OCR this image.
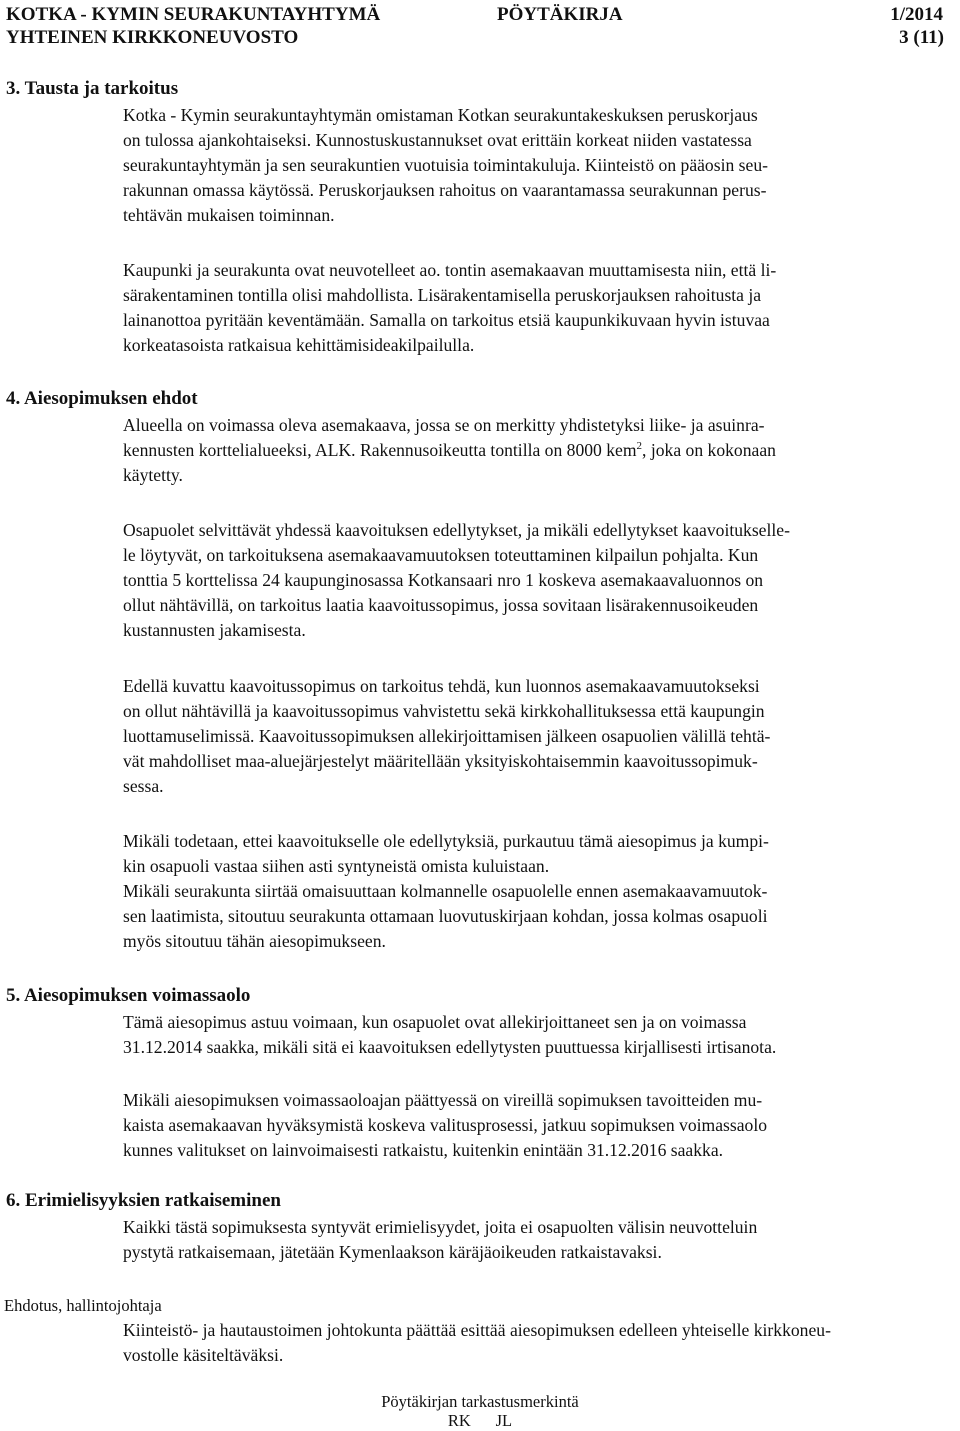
KOTKA - KYMIN SEURAKUNTAYHTYMÄ
YHTEINEN KIRKKONEUVOSTO
PÖYTÄKIRJA	1/2014
3 (11)
3. Tausta ja tarkoitus
Kotka - Kymin seurakuntayhtymän omistaman Kotkan seurakuntakeskuksen peruskorjaus
on tulossa ajankohtaiseksi. Kunnostuskustannukset ovat erittäin korkeat niiden vastatessa
seurakuntayhtymän ja sen seurakuntien vuotuisia toimintakuluja. Kiinteistö on pääosin seu-
rakunnan omassa käytössä. Peruskorjauksen rahoitus on vaarantamassa seurakunnan perus-
tehtävän mukaisen toiminnan.
Kaupunki ja seurakunta ovat neuvotelleet ao. tontin asemakaavan muuttamisesta niin, että li-
särakentaminen tontilla olisi mahdollista. Lisärakentamisella peruskorjauksen rahoitusta ja
lainanottoa pyritään keventämään. Samalla on tarkoitus etsiä kaupunkikuvaan hyvin istuvaa
korkeatasoista ratkaisua kehittämisideakilpailulla.
4. Aiesopimuksen ehdot
Alueella on voimassa oleva asemakaava, jossa se on merkitty yhdistetyksi liike- ja asuinra-
kennusten korttelialueeksi, ALK. Rakennusoikeutta tontilla on 8000 kem$^2$, joka on kokonaan
käytetty.
Osapuolet selvittävät yhdessä kaavoituksen edellytykset, ja mikäli edellytykset kaavoitukselle-
le löytyvät, on tarkoituksena asemakaavamuutoksen toteuttaminen kilpailun pohjalta. Kun
tonttia 5 korttelissa 24 kaupunginosassa Kotkansaari nro 1 koskeva asemakaavaluonnos on
ollut nähtävillä, on tarkoitus laatia kaavoitussopimus, jossa sovitaan lisärakennusoikeuden
kustannusten jakamisesta.
Edellä kuvattu kaavoitussopimus on tarkoitus tehdä, kun luonnos asemakaavamuutokseksi
on ollut nähtävillä ja kaavoitussopimus vahvistettu sekä kirkkohallituksessa että kaupungin
luottamuselimissä. Kaavoitussopimuksen allekirjoittamisen jälkeen osapuolien välillä tehtä-
vät mahdolliset maa-aluejärjestelyt määritellään yksityiskohtaisemmin kaavoitussopimuk-
sessa.
Mikäli todetaan, ettei kaavoitukselle ole edellytyksiä, purkautuu tämä aiesopimus ja kumpi-
kin osapuoli vastaa siihen asti syntyneistä omista kuluistaan.
Mikäli seurakunta siirtää omaisuuttaan kolmannelle osapuolelle ennen asemakaavamuutok-
sen laatimista, sitoutuu seurakunta ottamaan luovutuskirjaan kohdan, jossa kolmas osapuoli
myös sitoutuu tähän aiesopimukseen.
5. Aiesopimuksen voimassaolo
Tämä aiesopimus astuu voimaan, kun osapuolet ovat allekirjoittaneet sen ja on voimassa
31.12.2014 saakka, mikäli sitä ei kaavoituksen edellytysten puuttuessa kirjallisesti irtisanota.
Mikäli aiesopimuksen voimassaoloajan päättyessä on vireillä sopimuksen tavoitteiden mu-
kaista asemakaavan hyväksymistä koskeva valitusprosessi, jatkuu sopimuksen voimassaolo
kunnes valitukset on lainvoimaisesti ratkaistu, kuitenkin enintään 31.12.2016 saakka.
6. Erimielisyyksien ratkaiseminen
Kaikki tästä sopimuksesta syntyvät erimielisyydet, joita ei osapuolten välisin neuvotteluin
pystytä ratkaisemaan, jätetään Kymenlaakson käräjäoikeuden ratkaistavaksi.
Ehdotus, hallintojohtaja
Kiinteistö- ja hautaustoimen johtokunta päättää esittää aiesopimuksen edelleen yhteiselle kirkkoneu-
vostolle käsiteltäväksi.
Pöytäkirjan tarkastusmerkintä
RK      JL
